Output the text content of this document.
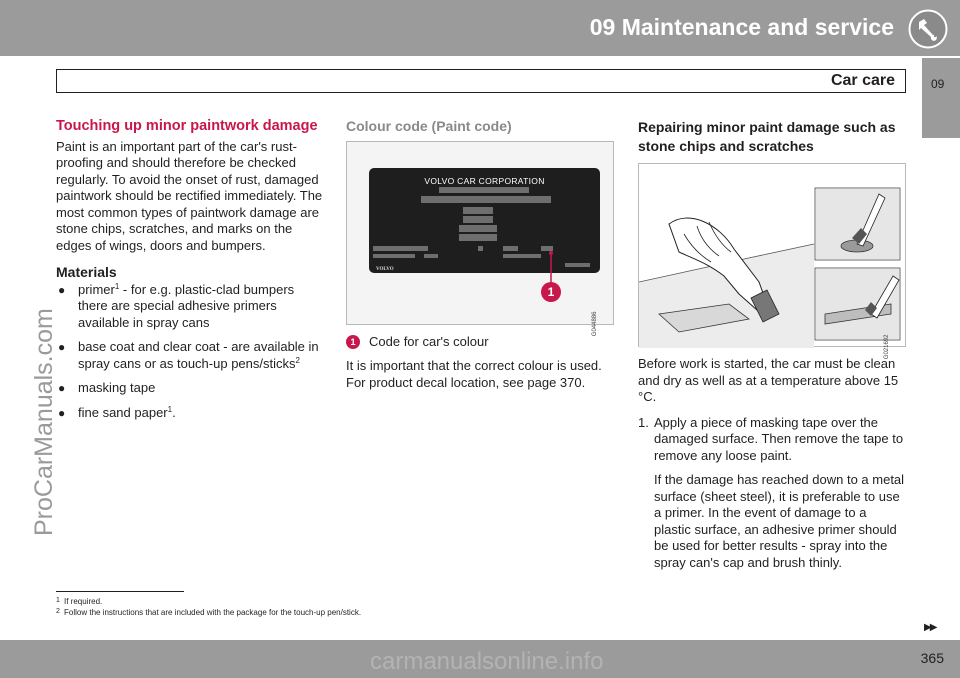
09 Maintenance and service
Car care	09
ProCarManuals.com
Touching up minor paintwork damage

Paint is an important part of the car's rust-proofing and should therefore be checked regularly. To avoid the onset of rust, damaged paintwork should be rectified immediately. The most common types of paintwork damage are stone chips, scratches, and marks on the edges of wings, doors and bumpers.

Materials
● primer$^1$ - for e.g. plastic-clad bumpers there are special adhesive primers available in spray cans
● base coat and clear coat - are available in spray cans or as touch-up pens/sticks$^2$
● masking tape
● fine sand paper$^1$.
Colour code (Paint code)
VOLVO CAR CORPORATION
VOLVO
1
G044886
1	Code for car's colour

It is important that the correct colour is used. For product decal location, see page 370.

Repairing minor paint damage such as stone chips and scratches
G021692

Before work is started, the car must be clean and dry as well as at a temperature above 15 °C.

1. Apply a piece of masking tape over the damaged surface. Then remove the tape to remove any loose paint.

If the damage has reached down to a metal surface (sheet steel), it is preferable to use a primer. In the event of damage to a plastic surface, an adhesive primer should be used for better results - spray into the spray can's cap and brush thinly.

1 If required.
2 Follow the instructions that are included with the package for the touch-up pen/stick.
▶▶
carmanualsonline.info	365
